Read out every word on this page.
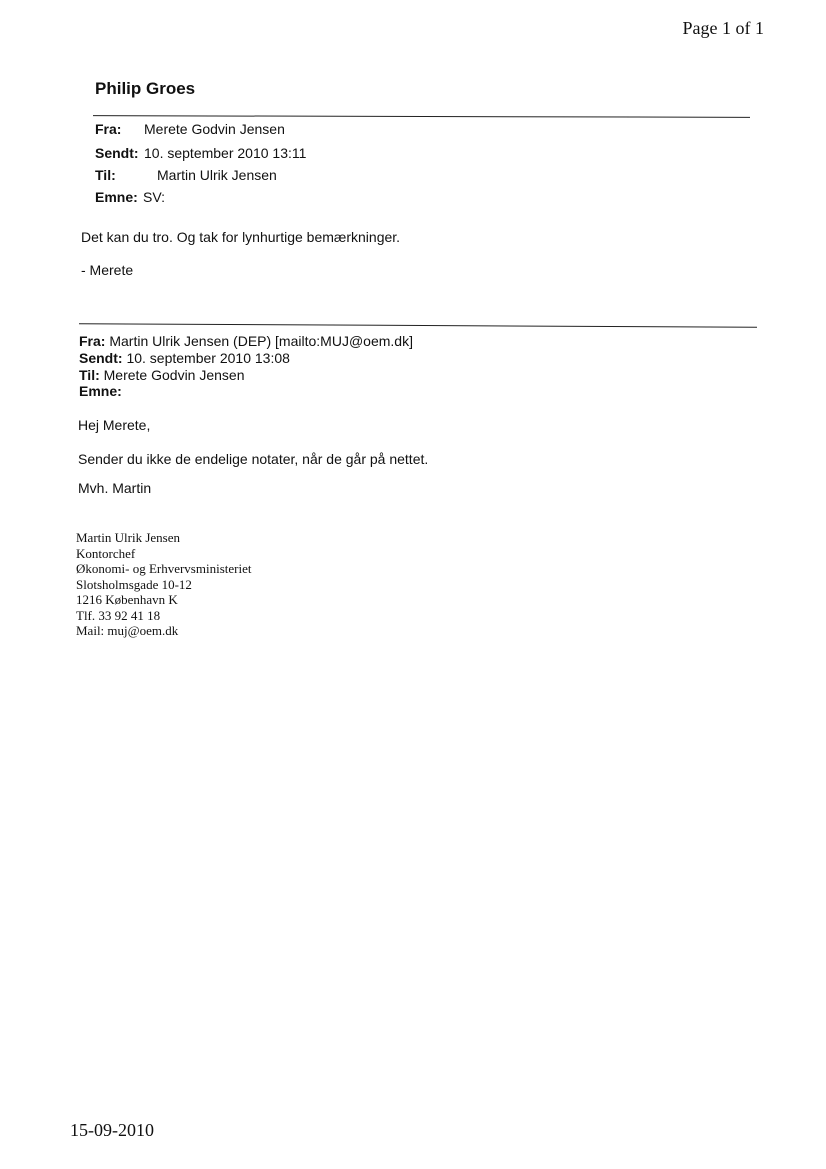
Page 1 of 1
Philip Groes
Fra: Merete Godvin Jensen
Sendt: 10. september 2010 13:11
Til:	Martin Ulrik Jensen
Emne: SV:
Det kan du tro. Og tak for lynhurtige bemærkninger.
- Merete
Fra: Martin Ulrik Jensen (DEP) [mailto:MUJ@oem.dk]
Sendt: 10. september 2010 13:08
Til: Merete Godvin Jensen
Emne:
Hej Merete,
Sender du ikke de endelige notater, når de går på nettet.
Mvh. Martin
Martin Ulrik Jensen
Kontorchef
Økonomi- og Erhvervsministeriet
Slotsholmsgade 10-12
1216 København K
Tlf. 33 92 41 18
Mail: muj@oem.dk
15-09-2010
